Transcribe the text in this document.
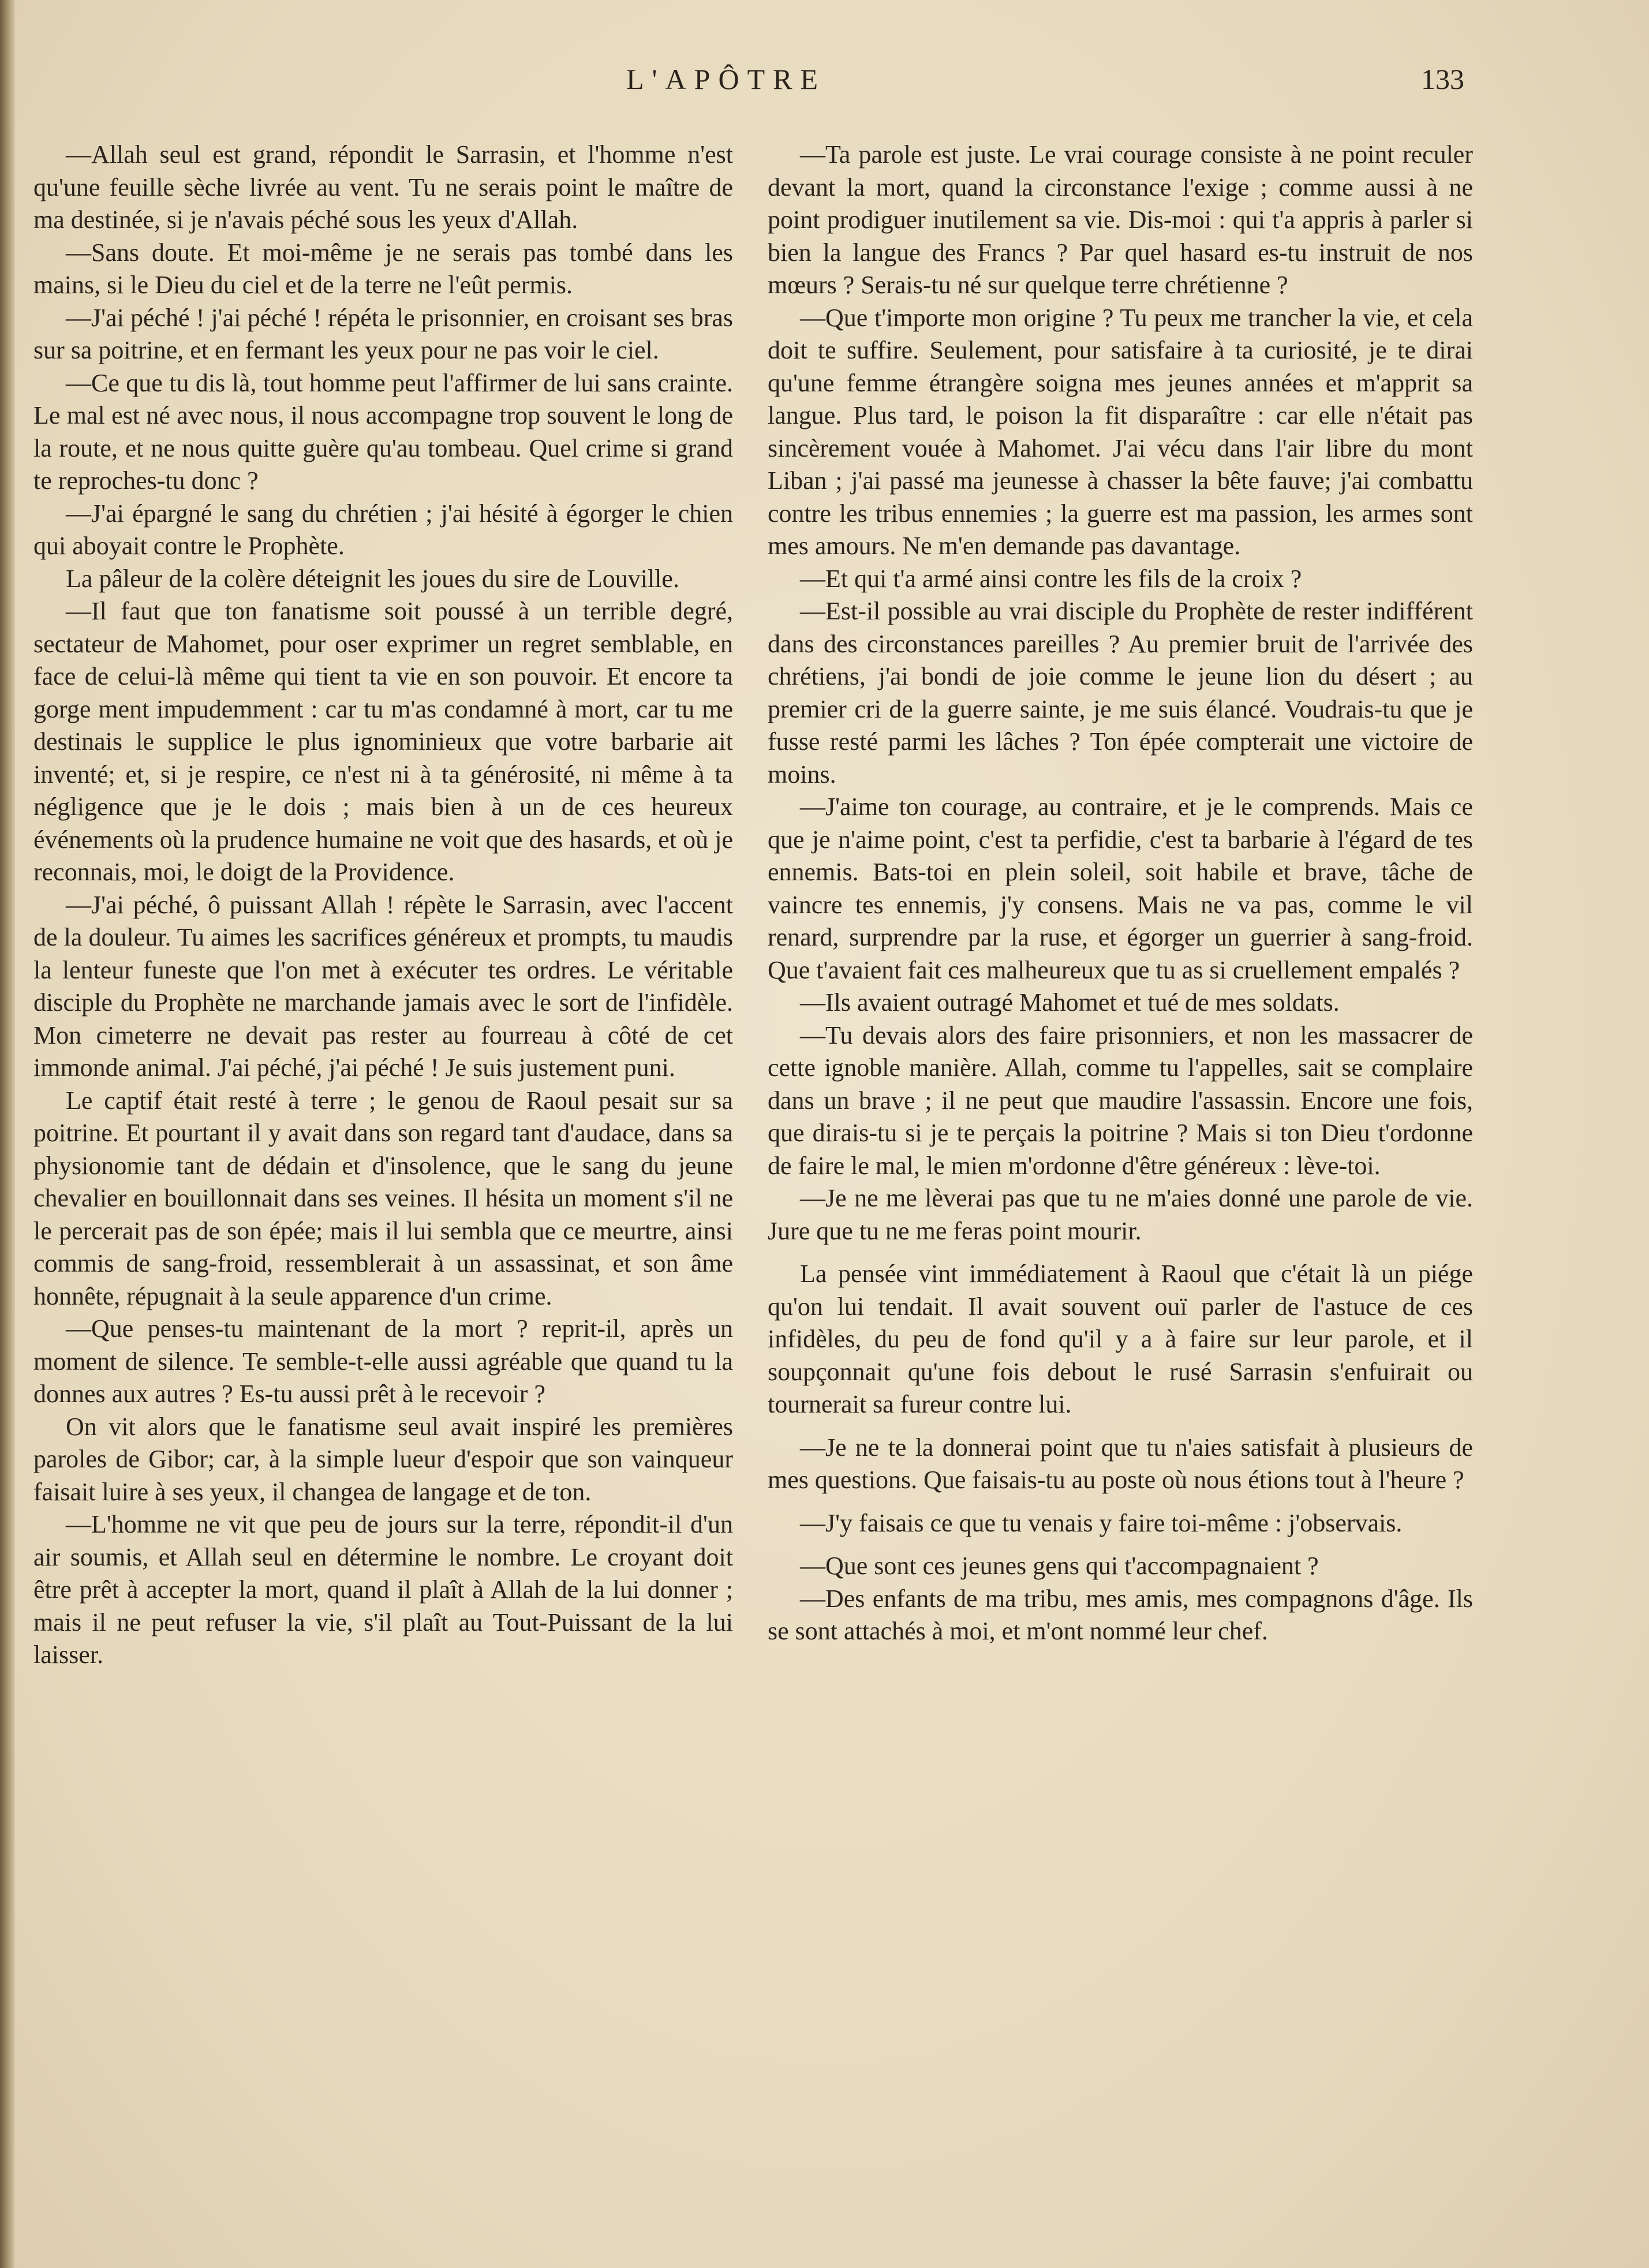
L'APÔTRE	133

—Allah seul est grand, répondit le Sarrasin, et l'homme n'est qu'une feuille sèche livrée au vent. Tu ne serais point le maître de ma destinée, si je n'avais péché sous les yeux d'Allah.

—Sans doute. Et moi-même je ne serais pas tombé dans les mains, si le Dieu du ciel et de la terre ne l'eût permis.

—J'ai péché ! j'ai péché ! répéta le prisonnier, en croisant ses bras sur sa poitrine, et en fermant les yeux pour ne pas voir le ciel.

—Ce que tu dis là, tout homme peut l'affirmer de lui sans crainte. Le mal est né avec nous, il nous accompagne trop souvent le long de la route, et ne nous quitte guère qu'au tombeau. Quel crime si grand te reproches-tu donc ?

—J'ai épargné le sang du chrétien ; j'ai hésité à égorger le chien qui aboyait contre le Prophète.

La pâleur de la colère déteignit les joues du sire de Louville.

—Il faut que ton fanatisme soit poussé à un terrible degré, sectateur de Mahomet, pour oser exprimer un regret semblable, en face de celui-là même qui tient ta vie en son pouvoir. Et encore ta gorge ment impudemment : car tu m'as condamné à mort, car tu me destinais le supplice le plus ignominieux que votre barbarie ait inventé; et, si je respire, ce n'est ni à ta générosité, ni même à ta négligence que je le dois ; mais bien à un de ces heureux événements où la prudence humaine ne voit que des hasards, et où je reconnais, moi, le doigt de la Providence.

—J'ai péché, ô puissant Allah ! répète le Sarrasin, avec l'accent de la douleur. Tu aimes les sacrifices généreux et prompts, tu maudis la lenteur funeste que l'on met à exécuter tes ordres. Le véritable disciple du Prophète ne marchande jamais avec le sort de l'infidèle. Mon cimeterre ne devait pas rester au fourreau à côté de cet immonde animal. J'ai péché, j'ai péché ! Je suis justement puni.

Le captif était resté à terre ; le genou de Raoul pesait sur sa poitrine. Et pourtant il y avait dans son regard tant d'audace, dans sa physionomie tant de dédain et d'insolence, que le sang du jeune chevalier en bouillonnait dans ses veines. Il hésita un moment s'il ne le percerait pas de son épée; mais il lui sembla que ce meurtre, ainsi commis de sang-froid, ressemblerait à un assassinat, et son âme honnête, répugnait à la seule apparence d'un crime.

—Que penses-tu maintenant de la mort ? reprit-il, après un moment de silence. Te semble-t-elle aussi agréable que quand tu la donnes aux autres ? Es-tu aussi prêt à le recevoir ?

On vit alors que le fanatisme seul avait inspiré les premières paroles de Gibor; car, à la simple lueur d'espoir que son vainqueur faisait luire à ses yeux, il changea de langage et de ton.

—L'homme ne vit que peu de jours sur la terre, répondit-il d'un air soumis, et Allah seul en détermine le nombre. Le croyant doit être prêt à accepter la mort, quand il plaît à Allah de la lui donner ; mais il ne peut refuser la vie, s'il plaît au Tout-Puissant de la lui laisser.

—Ta parole est juste. Le vrai courage consiste à ne point reculer devant la mort, quand la circonstance l'exige ; comme aussi à ne point prodiguer inutilement sa vie. Dis-moi : qui t'a appris à parler si bien la langue des Francs ? Par quel hasard es-tu instruit de nos mœurs ? Serais-tu né sur quelque terre chrétienne ?

—Que t'importe mon origine ? Tu peux me trancher la vie, et cela doit te suffire. Seulement, pour satisfaire à ta curiosité, je te dirai qu'une femme étrangère soigna mes jeunes années et m'apprit sa langue. Plus tard, le poison la fit disparaître : car elle n'était pas sincèrement vouée à Mahomet. J'ai vécu dans l'air libre du mont Liban ; j'ai passé ma jeunesse à chasser la bête fauve; j'ai combattu contre les tribus ennemies ; la guerre est ma passion, les armes sont mes amours. Ne m'en demande pas davantage.

—Et qui t'a armé ainsi contre les fils de la croix ?

—Est-il possible au vrai disciple du Prophète de rester indifférent dans des circonstances pareilles ? Au premier bruit de l'arrivée des chrétiens, j'ai bondi de joie comme le jeune lion du désert ; au premier cri de la guerre sainte, je me suis élancé. Voudrais-tu que je fusse resté parmi les lâches ? Ton épée compterait une victoire de moins.

—J'aime ton courage, au contraire, et je le comprends. Mais ce que je n'aime point, c'est ta perfidie, c'est ta barbarie à l'égard de tes ennemis. Bats-toi en plein soleil, soit habile et brave, tâche de vaincre tes ennemis, j'y consens. Mais ne va pas, comme le vil renard, surprendre par la ruse, et égorger un guerrier à sang-froid. Que t'avaient fait ces malheureux que tu as si cruellement empalés ?

—Ils avaient outragé Mahomet et tué de mes soldats.

—Tu devais alors des faire prisonniers, et non les massacrer de cette ignoble manière. Allah, comme tu l'appelles, sait se complaire dans un brave ; il ne peut que maudire l'assassin. Encore une fois, que dirais-tu si je te perçais la poitrine ? Mais si ton Dieu t'ordonne de faire le mal, le mien m'ordonne d'être généreux : lève-toi.

—Je ne me lèverai pas que tu ne m'aies donné une parole de vie. Jure que tu ne me feras point mourir.

La pensée vint immédiatement à Raoul que c'était là un piége qu'on lui tendait. Il avait souvent ouï parler de l'astuce de ces infidèles, du peu de fond qu'il y a à faire sur leur parole, et il soupçonnait qu'une fois debout le rusé Sarrasin s'enfuirait ou tournerait sa fureur contre lui.

—Je ne te la donnerai point que tu n'aies satisfait à plusieurs de mes questions. Que faisais-tu au poste où nous étions tout à l'heure ?

—J'y faisais ce que tu venais y faire toi-même : j'observais.

—Que sont ces jeunes gens qui t'accompagnaient ?

—Des enfants de ma tribu, mes amis, mes compagnons d'âge. Ils se sont attachés à moi, et m'ont nommé leur chef.
